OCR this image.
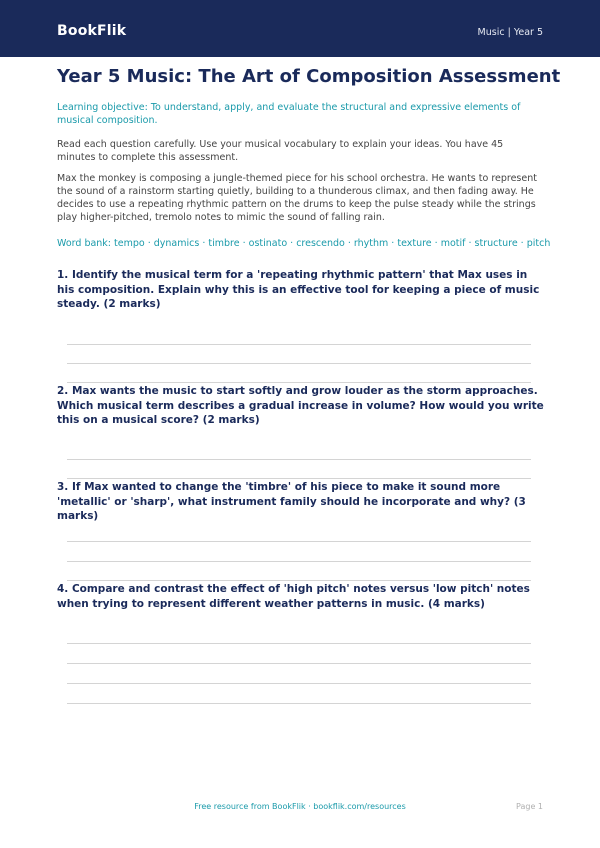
BookFlik	Music | Year 5
Year 5 Music: The Art of Composition Assessment
Learning objective: To understand, apply, and evaluate the structural and expressive elements of musical composition.
Read each question carefully. Use your musical vocabulary to explain your ideas. You have 45 minutes to complete this assessment.
Max the monkey is composing a jungle-themed piece for his school orchestra. He wants to represent the sound of a rainstorm starting quietly, building to a thunderous climax, and then fading away. He decides to use a repeating rhythmic pattern on the drums to keep the pulse steady while the strings play higher-pitched, tremolo notes to mimic the sound of falling rain.
Word bank: tempo · dynamics · timbre · ostinato · crescendo · rhythm · texture · motif · structure · pitch
1. Identify the musical term for a 'repeating rhythmic pattern' that Max uses in his composition. Explain why this is an effective tool for keeping a piece of music steady. (2 marks)
2. Max wants the music to start softly and grow louder as the storm approaches. Which musical term describes a gradual increase in volume? How would you write this on a musical score? (2 marks)
3. If Max wanted to change the 'timbre' of his piece to make it sound more 'metallic' or 'sharp', what instrument family should he incorporate and why? (3 marks)
4. Compare and contrast the effect of 'high pitch' notes versus 'low pitch' notes when trying to represent different weather patterns in music. (4 marks)
Free resource from BookFlik · bookflik.com/resources	Page 1
